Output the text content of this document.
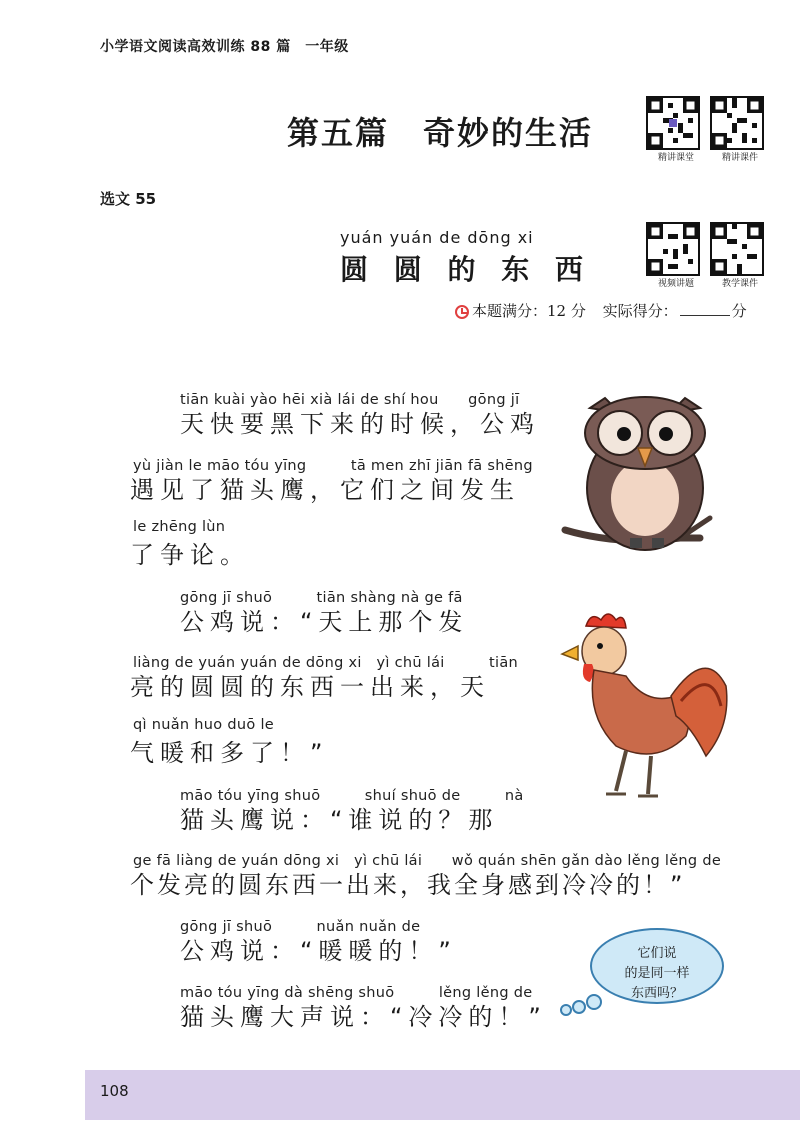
小学语文阅读高效训练 88 篇　一年级
第五篇　奇妙的生活
精讲课堂	精讲课件
选文 55
yuán yuán de dōng xi
圆 圆 的 东 西	视频讲题	教学课件
本题满分：12 分 实际得分：	分
tiān kuài yào hēi xià lái de shí hou　　gōng jī
天快要黑下来的时候，公鸡
yù jiàn le māo tóu yīng　　　tā men zhī jiān fā shēng
遇见了猫头鹰，它们之间发生
le zhēng lùn
了争论。
gōng jī shuō　　　tiān shàng nà ge fā
公鸡说：“天上那个发
liàng de yuán yuán de dōng xi　yì chū lái　　　tiān
亮的圆圆的东西一出来，天
qì nuǎn huo duō le
气暖和多了！”
māo tóu yīng shuō　　　shuí shuō de　　　nà
猫头鹰说：“谁说的？那
ge fā liàng de yuán dōng xi　yì chū lái　　wǒ quán shēn gǎn dào lěng lěng de
个发亮的圆东西一出来，我全身感到冷冷的！”
gōng jī shuō　　　nuǎn nuǎn de
公鸡说：“暖暖的！”
māo tóu yīng dà shēng shuō　　　lěng lěng de
猫头鹰大声说：“冷冷的！”
它们说
的是同一样
东西吗？
108
